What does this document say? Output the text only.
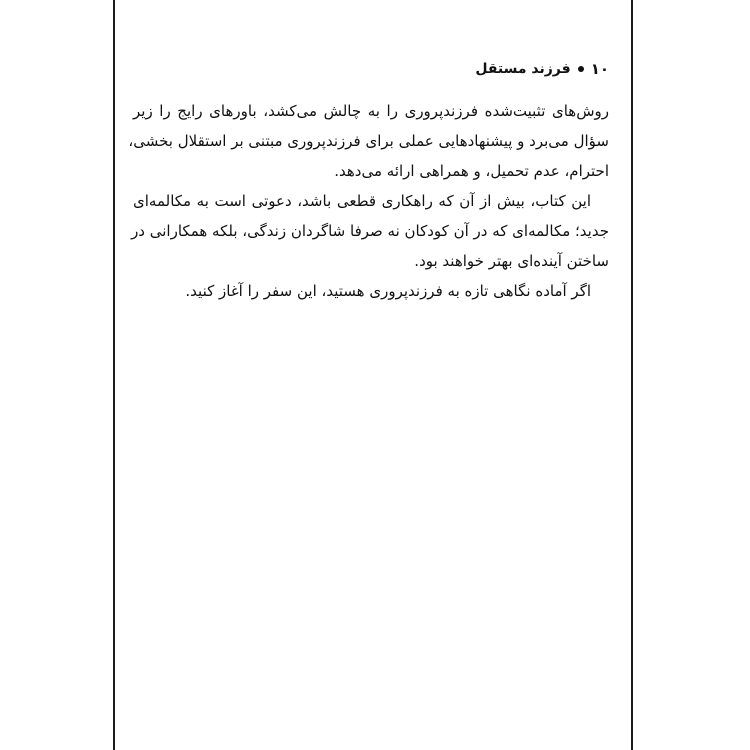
۱۰
فرزند مستقل
روش‌های تثبیت‌شده فرزندپروری را به چالش می‌کشد، باورهای رایج را زیر
سؤال می‌برد و پیشنهادهایی عملی برای فرزندپروری مبتنی بر استقلال بخشی،
احترام، عدم تحمیل، و همراهی ارائه می‌دهد.
این کتاب، بیش از آن که راهکاری قطعی باشد، دعوتی است به مکالمه‌ای
جدید؛ مکالمه‌ای که در آن کودکان نه صرفا شاگردان زندگی، بلکه همکارانی در
ساختن آینده‌ای بهتر خواهند بود.
اگر آماده نگاهی تازه به فرزندپروری هستید، این سفر را آغاز کنید.
